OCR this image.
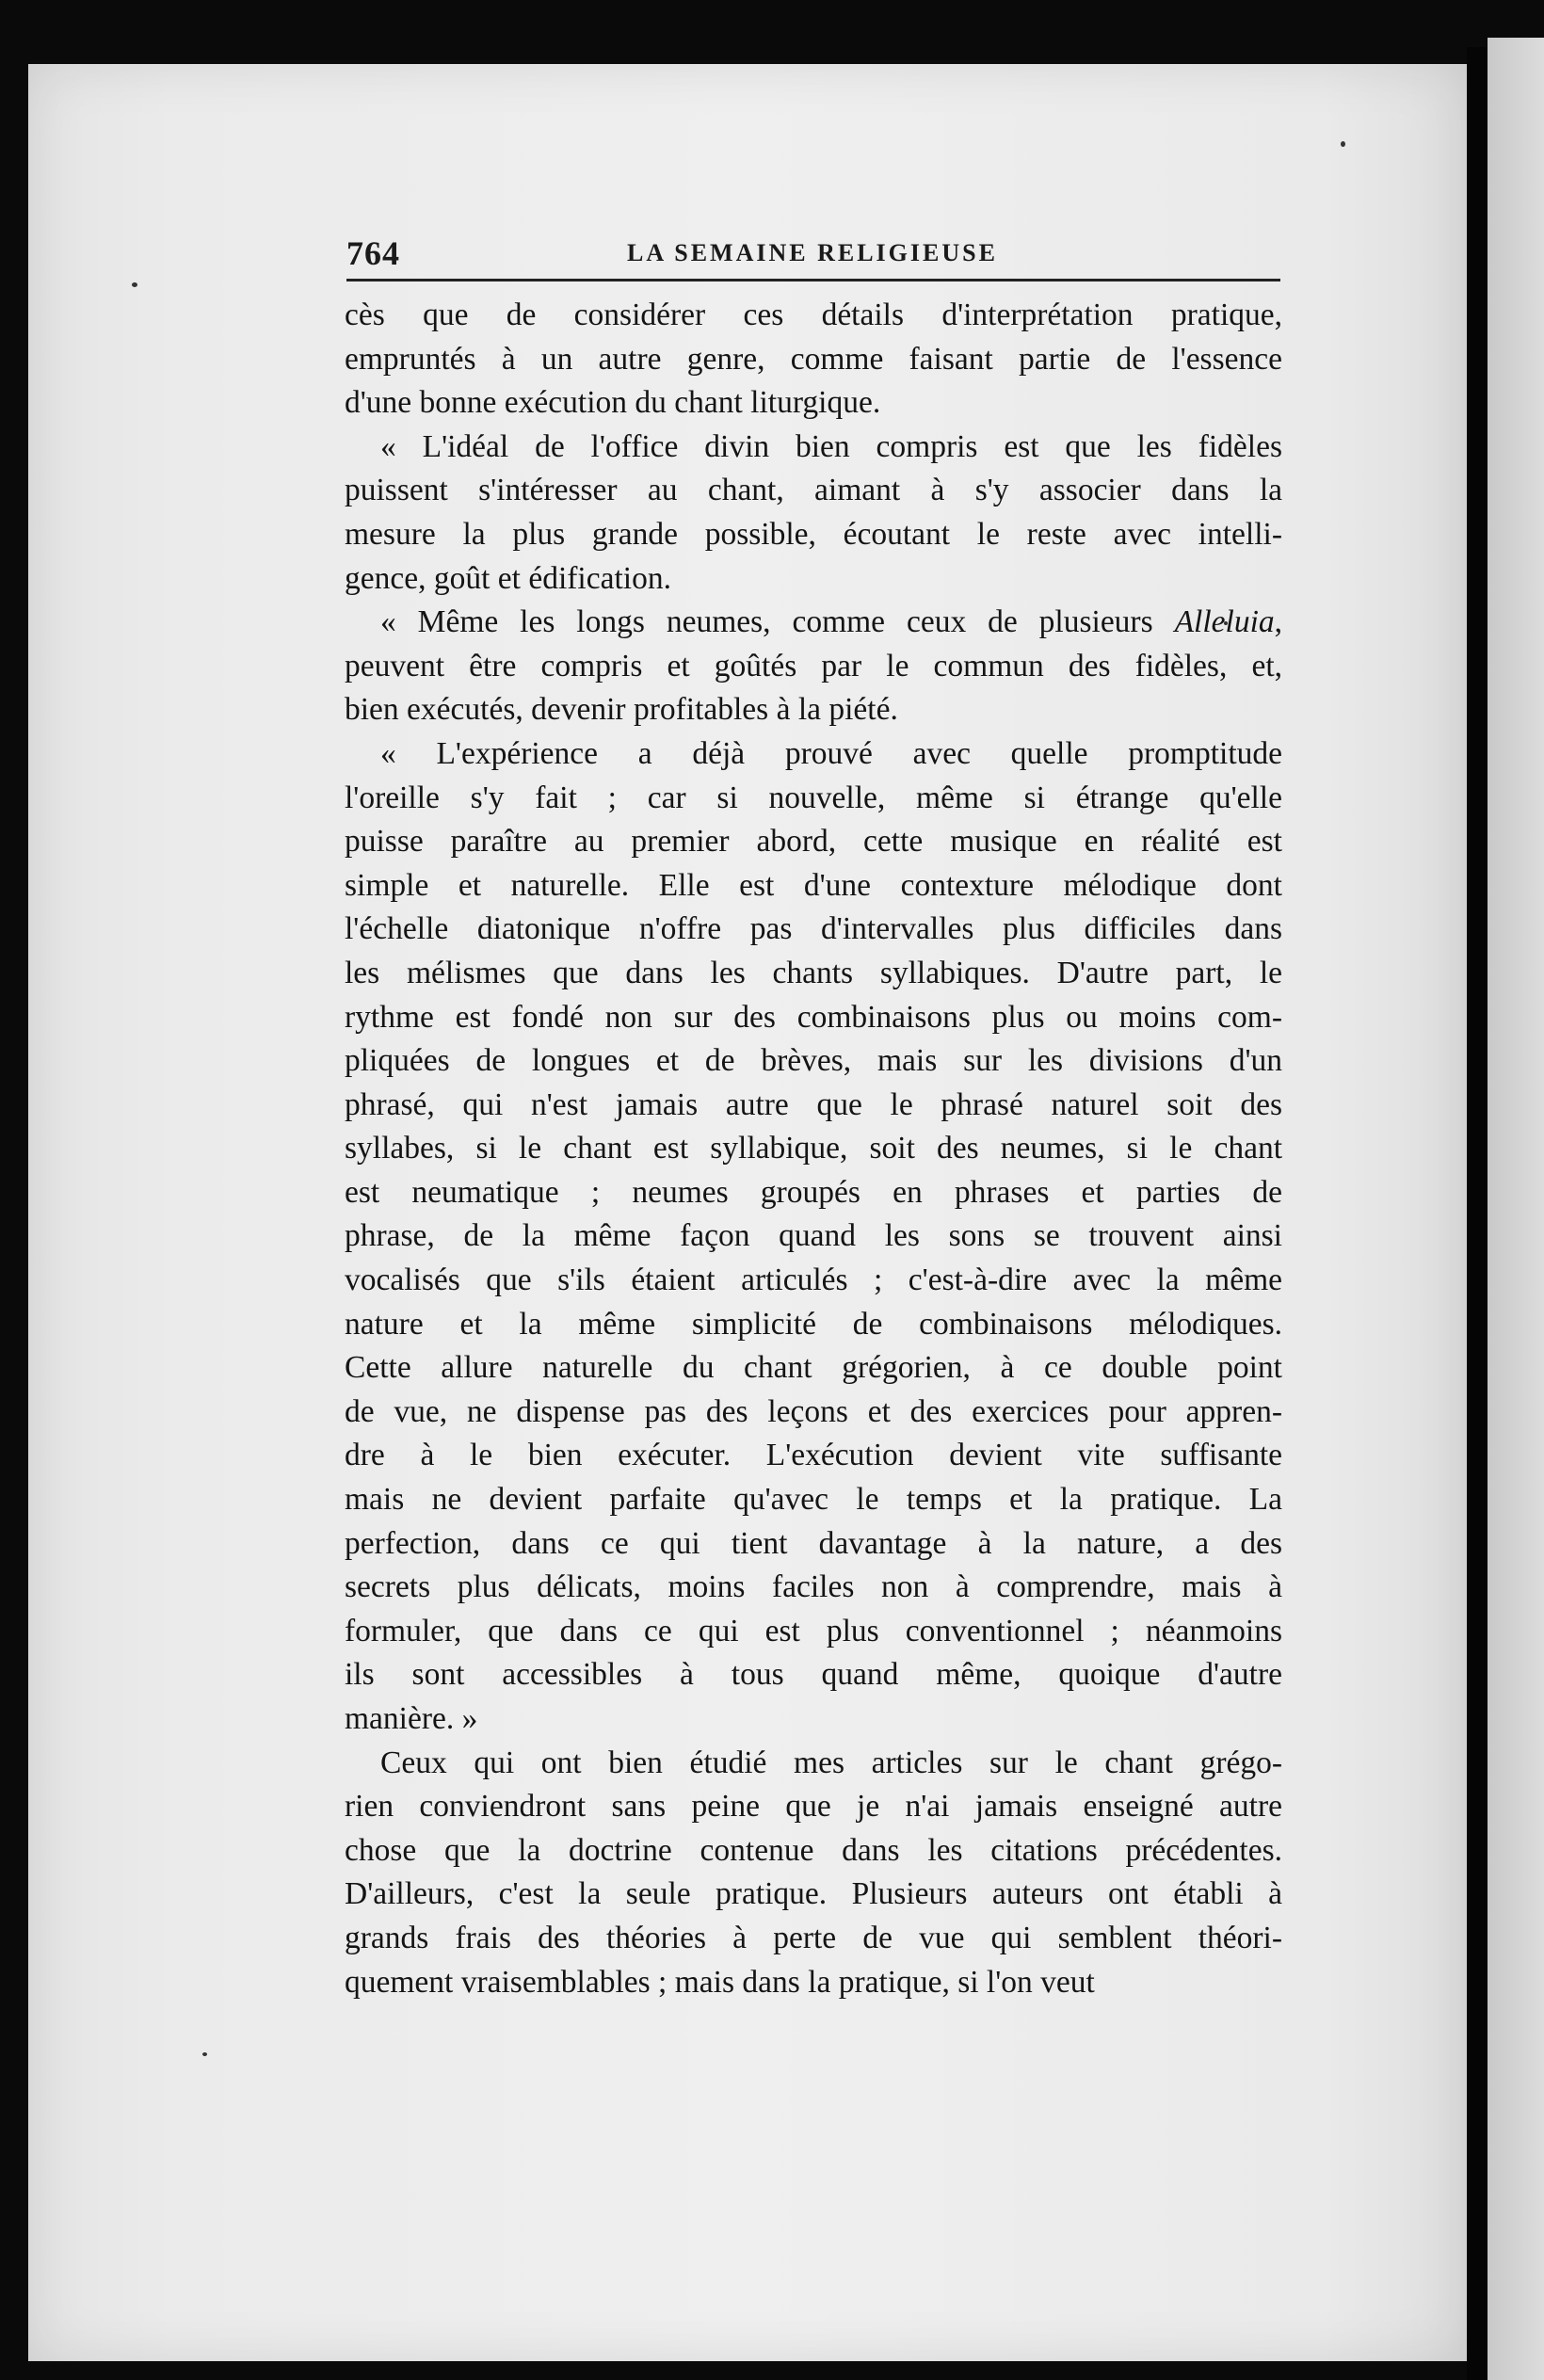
764	LA SEMAINE RELIGIEUSE

cès que de considérer ces détails d'interprétation pratique,
empruntés à un autre genre, comme faisant partie de l'essence
d'une bonne exécution du chant liturgique.

« L'idéal de l'office divin bien compris est que les fidèles
puissent s'intéresser au chant, aimant à s'y associer dans la
mesure la plus grande possible, écoutant le reste avec intelli-
gence, goût et édification.

« Même les longs neumes, comme ceux de plusieurs Alleluia,
peuvent être compris et goûtés par le commun des fidèles, et,
bien exécutés, devenir profitables à la piété.

« L'expérience a déjà prouvé avec quelle promptitude
l'oreille s'y fait ; car si nouvelle, même si étrange qu'elle
puisse paraître au premier abord, cette musique en réalité est
simple et naturelle. Elle est d'une contexture mélodique dont
l'échelle diatonique n'offre pas d'intervalles plus difficiles dans
les mélismes que dans les chants syllabiques. D'autre part, le
rythme est fondé non sur des combinaisons plus ou moins com-
pliquées de longues et de brèves, mais sur les divisions d'un
phrasé, qui n'est jamais autre que le phrasé naturel soit des
syllabes, si le chant est syllabique, soit des neumes, si le chant
est neumatique ; neumes groupés en phrases et parties de
phrase, de la même façon quand les sons se trouvent ainsi
vocalisés que s'ils étaient articulés ; c'est-à-dire avec la même
nature et la même simplicité de combinaisons mélodiques.
Cette allure naturelle du chant grégorien, à ce double point
de vue, ne dispense pas des leçons et des exercices pour appren-
dre à le bien exécuter. L'exécution devient vite suffisante
mais ne devient parfaite qu'avec le temps et la pratique. La
perfection, dans ce qui tient davantage à la nature, a des
secrets plus délicats, moins faciles non à comprendre, mais à
formuler, que dans ce qui est plus conventionnel ; néanmoins
ils sont accessibles à tous quand même, quoique d'autre
manière. »

Ceux qui ont bien étudié mes articles sur le chant grégo-
rien conviendront sans peine que je n'ai jamais enseigné autre
chose que la doctrine contenue dans les citations précédentes.
D'ailleurs, c'est la seule pratique. Plusieurs auteurs ont établi à
grands frais des théories à perte de vue qui semblent théori-
quement vraisemblables ; mais dans la pratique, si l'on veut
